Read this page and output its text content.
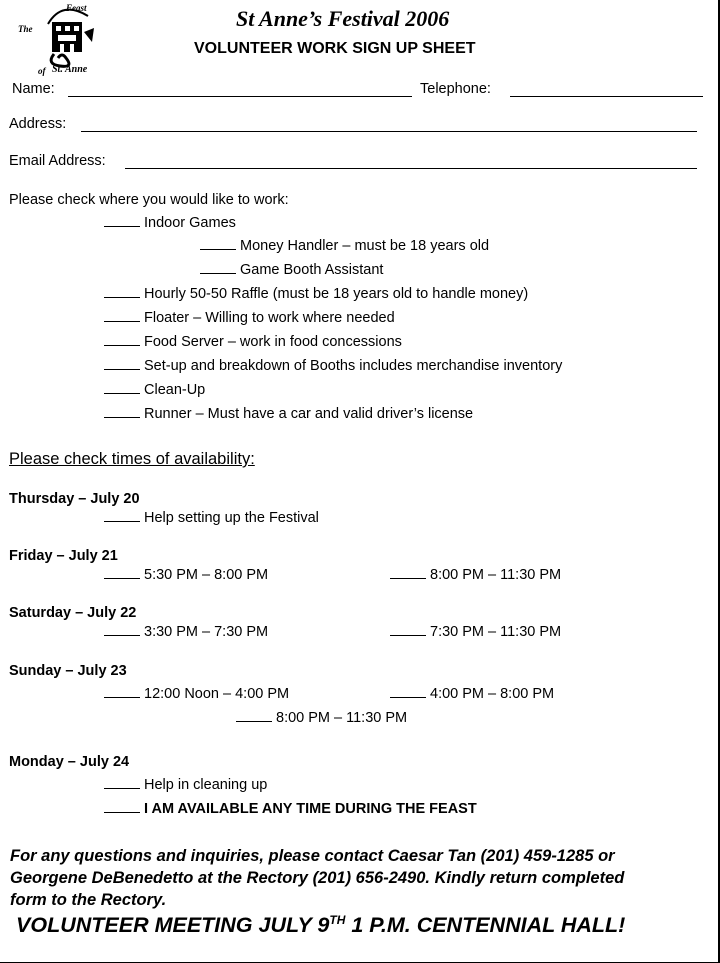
The
Feast
of St. Anne
St Anne’s Festival 2006
VOLUNTEER WORK SIGN UP SHEET
Name:	Telephone:
Address:
Email Address:
Please check where you would like to work:
Indoor Games
Money Handler – must be 18 years old
Game Booth Assistant
Hourly 50-50 Raffle (must be 18 years old to handle money)
Floater – Willing to work where needed
Food Server – work in food concessions
Set-up and breakdown of Booths includes merchandise inventory
Clean-Up
Runner – Must have a car and valid driver’s license
Please check times of availability:
Thursday – July 20
Help setting up the Festival
Friday – July 21
5:30 PM – 8:00 PM	8:00 PM – 11:30 PM
Saturday – July 22
3:30 PM – 7:30 PM	7:30 PM – 11:30 PM
Sunday – July 23
12:00 Noon – 4:00 PM	4:00 PM – 8:00 PM
8:00 PM – 11:30 PM
Monday – July 24
Help in cleaning up
I AM AVAILABLE ANY TIME DURING THE FEAST
For any questions and inquiries, please contact Caesar Tan (201) 459-1285 or
Georgene DeBenedetto at the Rectory (201) 656-2490. Kindly return completed
form to the Rectory.
VOLUNTEER MEETING JULY 9TH 1 P.M. CENTENNIAL HALL!
